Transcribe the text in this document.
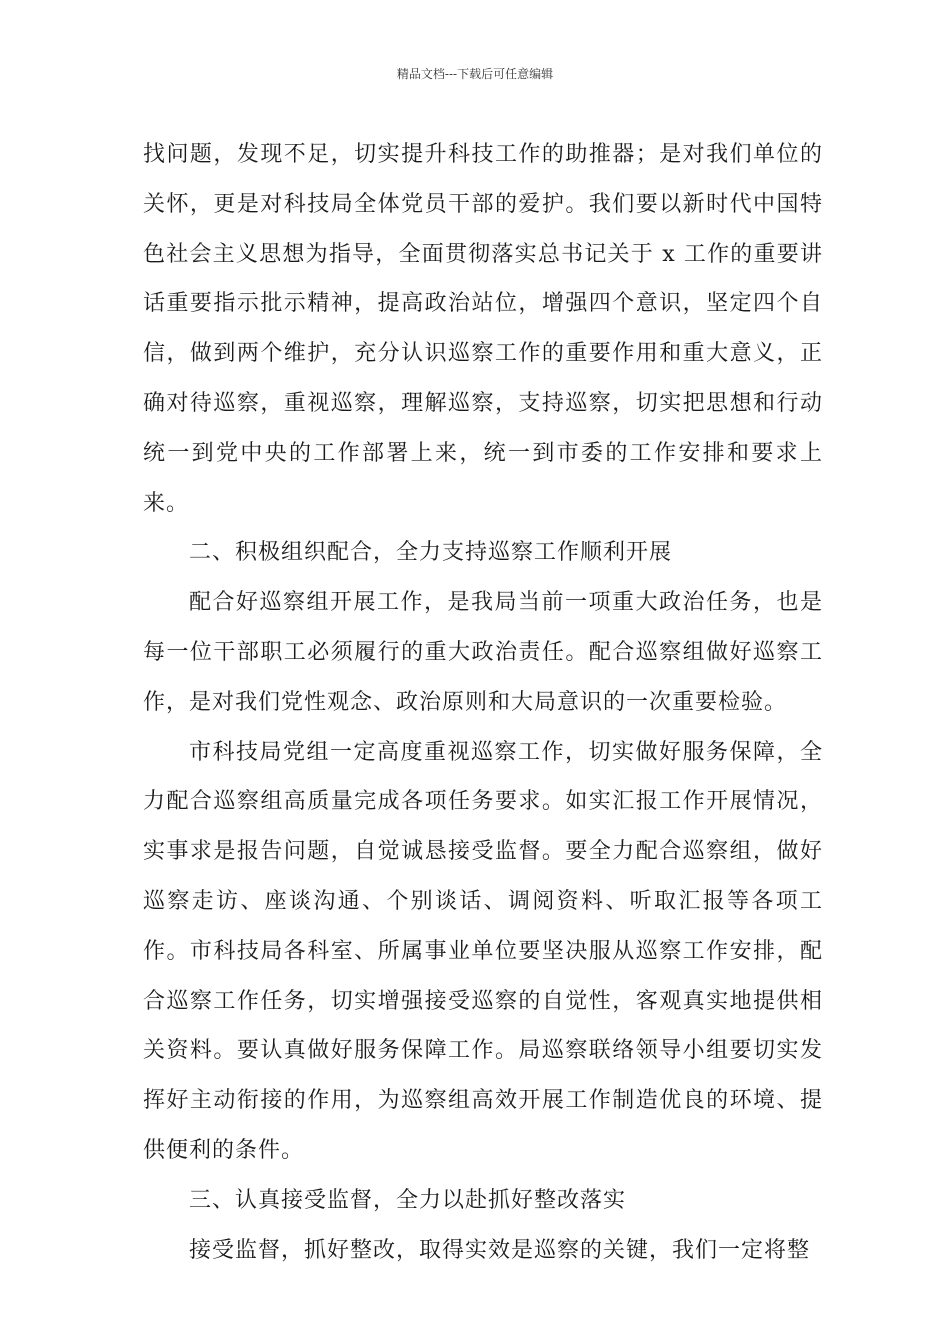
精品文档---下载后可任意编辑

找问题，发现不足，切实提升科技工作的助推器；是对我们单位的关怀，更是对科技局全体党员干部的爱护。我们要以新时代中国特色社会主义思想为指导，全面贯彻落实总书记关于 x 工作的重要讲话重要指示批示精神，提高政治站位，增强四个意识，坚定四个自信，做到两个维护，充分认识巡察工作的重要作用和重大意义，正确对待巡察，重视巡察，理解巡察，支持巡察，切实把思想和行动统一到党中央的工作部署上来，统一到市委的工作安排和要求上来。

二、积极组织配合，全力支持巡察工作顺利开展

配合好巡察组开展工作，是我局当前一项重大政治任务，也是每一位干部职工必须履行的重大政治责任。配合巡察组做好巡察工作，是对我们党性观念、政治原则和大局意识的一次重要检验。

市科技局党组一定高度重视巡察工作，切实做好服务保障，全力配合巡察组高质量完成各项任务要求。如实汇报工作开展情况，实事求是报告问题，自觉诚恳接受监督。要全力配合巡察组，做好巡察走访、座谈沟通、个别谈话、调阅资料、听取汇报等各项工作。市科技局各科室、所属事业单位要坚决服从巡察工作安排，配合巡察工作任务，切实增强接受巡察的自觉性，客观真实地提供相关资料。要认真做好服务保障工作。局巡察联络领导小组要切实发挥好主动衔接的作用，为巡察组高效开展工作制造优良的环境、提供便利的条件。

三、认真接受监督，全力以赴抓好整改落实

接受监督，抓好整改，取得实效是巡察的关键，我们一定将整
